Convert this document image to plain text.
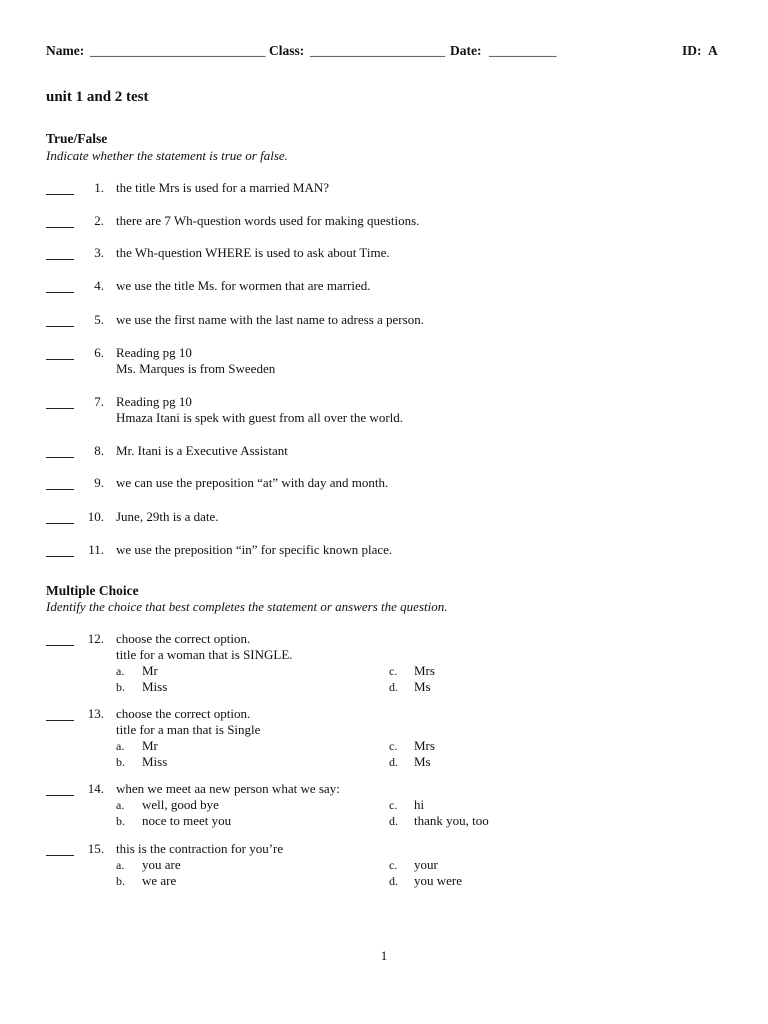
Name: __________________________ Class: ____________________ Date: __________	ID: A
unit 1 and 2 test
True/False
Indicate whether the statement is true or false.
1. the title Mrs is used for a married MAN?
2. there are 7 Wh-question words used for making questions.
3. the Wh-question WHERE is used to ask about Time.
4. we use the title Ms. for wormen that are married.
5. we use the first name with the last name to adress a person.
6. Reading pg 10
Ms. Marques is from Sweeden
7. Reading pg 10
Hmaza Itani is spek with guest from all over the world.
8. Mr. Itani is a Executive Assistant
9. we can use the preposition “at” with day and month.
10. June, 29th is a date.
11. we use the preposition “in” for specific known place.
Multiple Choice
Identify the choice that best completes the statement or answers the question.
12. choose the correct option.
title for a woman that is SINGLE.
a. Mr	c. Mrs
b. Miss	d. Ms
13. choose the correct option.
title for a man that is Single
a. Mr	c. Mrs
b. Miss	d. Ms
14. when we meet aa new person what we say:
a. well, good bye	c. hi
b. noce to meet you	d. thank you, too
15. this is the contraction for you’re
a. you are	c. your
b. we are	d. you were
1
